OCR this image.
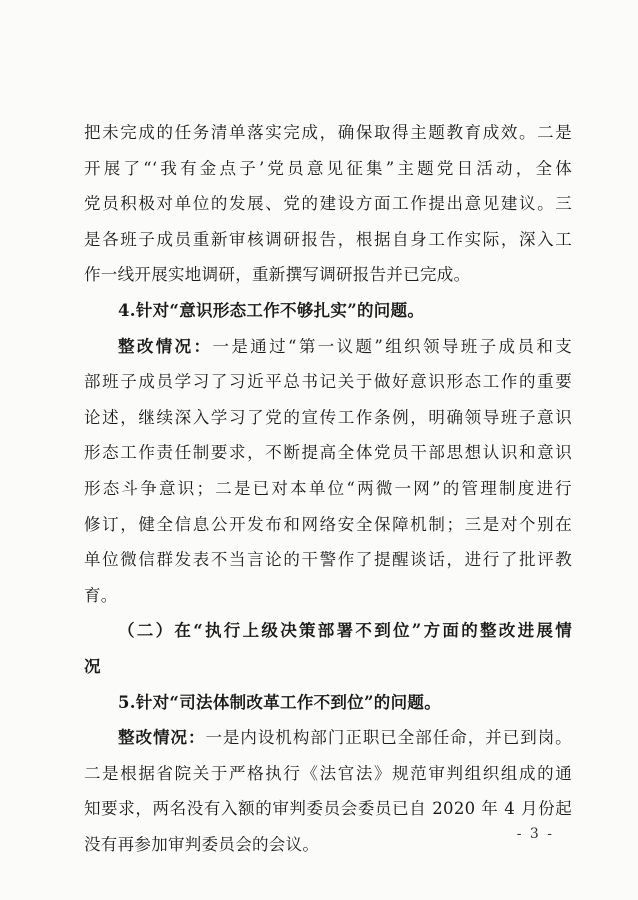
把未完成的任务清单落实完成，确保取得主题教育成效。二是
开展了“‘我有金点子’党员意见征集”主题党日活动，全体
党员积极对单位的发展、党的建设方面工作提出意见建议。三
是各班子成员重新审核调研报告，根据自身工作实际，深入工
作一线开展实地调研，重新撰写调研报告并已完成。
4.针对“意识形态工作不够扎实”的问题。
整改情况：一是通过“第一议题”组织领导班子成员和支
部班子成员学习了习近平总书记关于做好意识形态工作的重要
论述，继续深入学习了党的宣传工作条例，明确领导班子意识
形态工作责任制要求，不断提高全体党员干部思想认识和意识
形态斗争意识；二是已对本单位“两微一网”的管理制度进行
修订，健全信息公开发布和网络安全保障机制；三是对个别在
单位微信群发表不当言论的干警作了提醒谈话，进行了批评教
育。
（二）在“执行上级决策部署不到位”方面的整改进展情
况
5.针对“司法体制改革工作不到位”的问题。
整改情况：一是内设机构部门正职已全部任命，并已到岗。
二是根据省院关于严格执行《法官法》规范审判组织组成的通
知要求，两名没有入额的审判委员会委员已自 2020 年 4 月份起
没有再参加审判委员会的会议。
- 3 -
